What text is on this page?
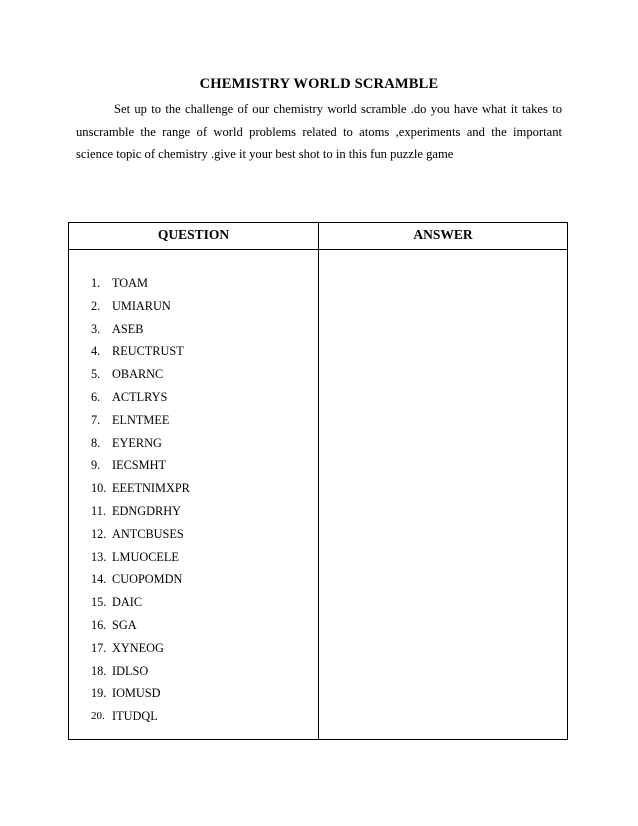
CHEMISTRY WORLD SCRAMBLE

Set up to the challenge of our chemistry world scramble .do you have what it takes to unscramble the range of world problems related to atoms ,experiments and the important science topic of chemistry .give it your best shot to in this fun puzzle game

QUESTION	ANSWER
1. TOAM
2. UMIARUN
3. ASEB
4. REUCTRUST
5. OBARNC
6. ACTLRYS
7. ELNTMEE
8. EYERNG
9. IECSMHT
10. EEETNIMXPR
11. EDNGDRHY
12. ANTCBUSES
13. LMUOCELE
14. CUOPOMDN
15. DAIC
16. SGA
17. XYNEOG
18. IDLSO
19. IOMUSD
20. ITUDQL
